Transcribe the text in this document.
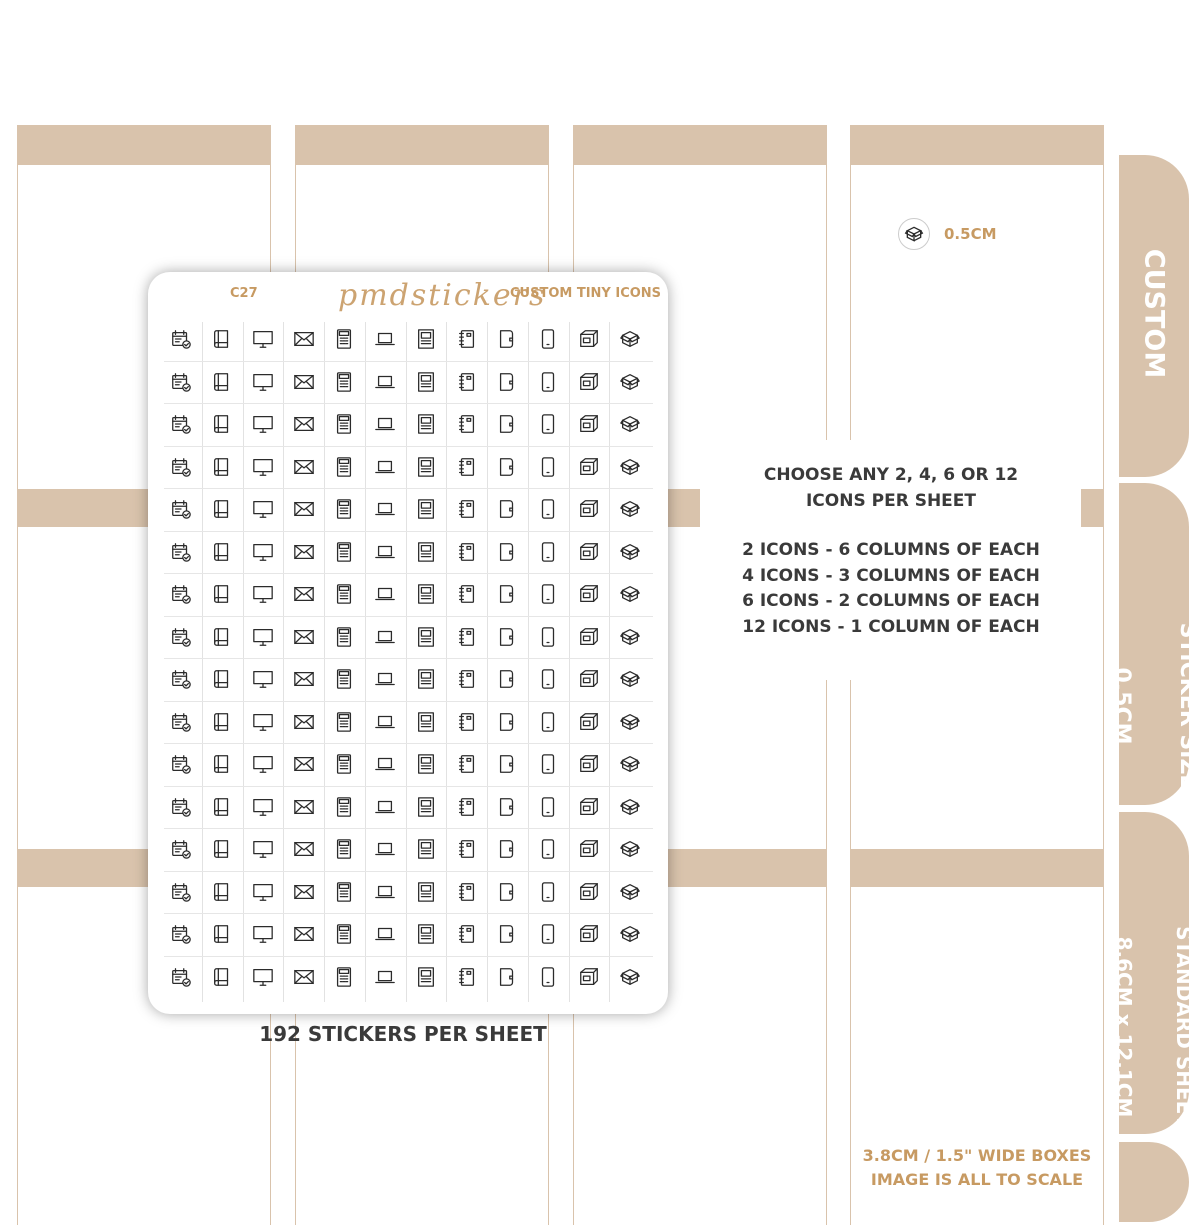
0.5CM
CHOOSE ANY 2, 4, 6 OR 12
ICONS PER SHEET
2 ICONS - 6 COLUMNS OF EACH
4 ICONS - 3 COLUMNS OF EACH
6 ICONS - 2 COLUMNS OF EACH
12 ICONS - 1 COLUMN OF EACH
CUSTOM

STICKER SIZE

0.5CM

STANDARD SHEET

8.6CM x 12.1CM

3.8CM / 1.5" WIDE BOXES
IMAGE IS ALL TO SCALE
C27	pmdstickers
CUSTOM TINY ICONS
192 STICKERS PER SHEET
